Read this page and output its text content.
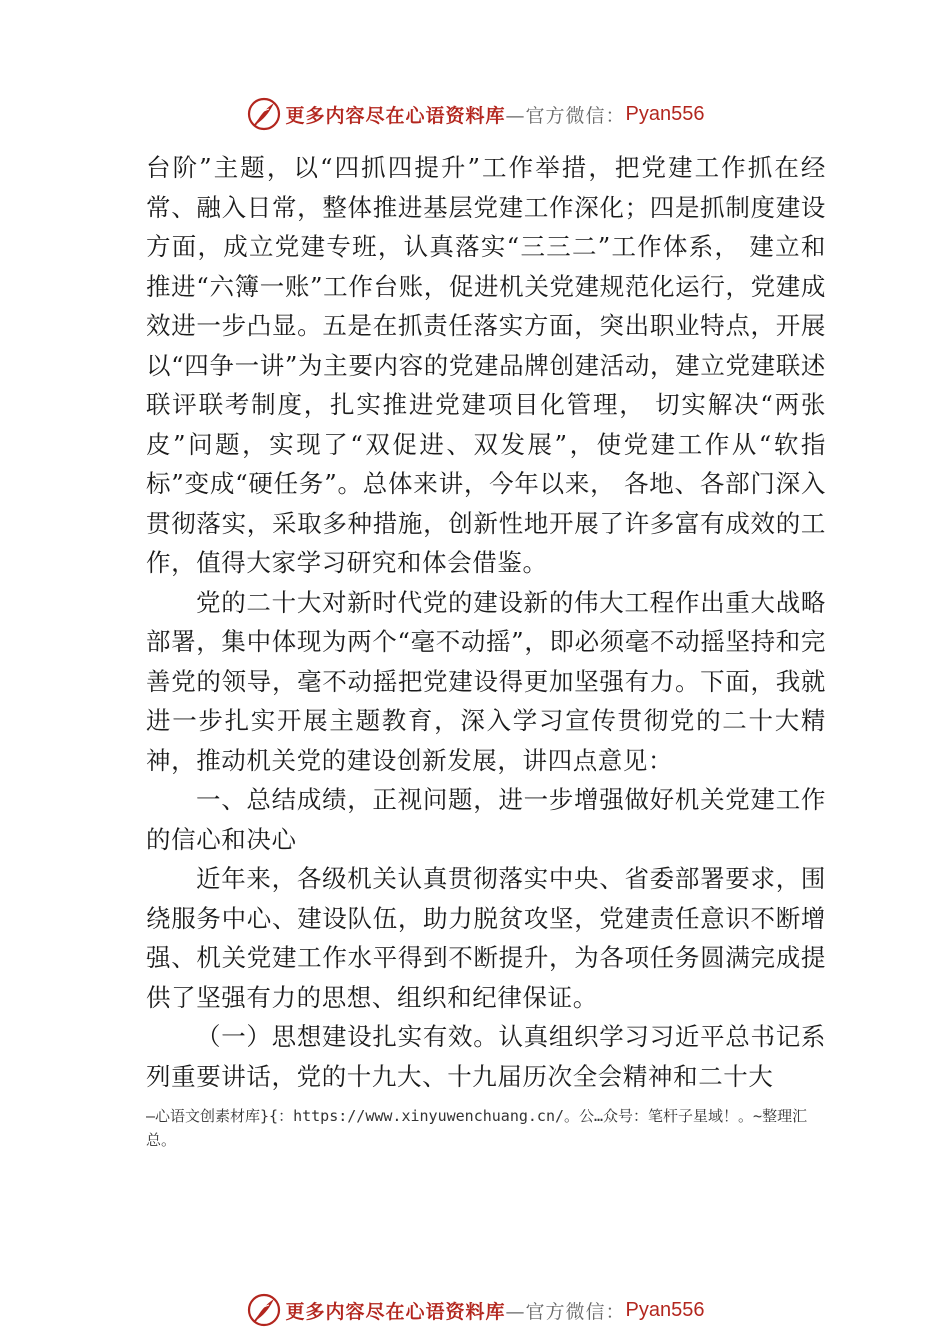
更多内容尽在心语资料库 —官方微信： Pyan556

台阶”主题，以“四抓四提升”工作举措，把党建工作抓在经常、融入日常，整体推进基层党建工作深化；四是抓制度建设方面，成立党建专班，认真落实“三三二”工作体系， 建立和推进“六簿一账”工作台账，促进机关党建规范化运行，党建成效进一步凸显。五是在抓责任落实方面，突出职业特点，开展以“四争一讲”为主要内容的党建品牌创建活动，建立党建联述联评联考制度，扎实推进党建项目化管理， 切实解决“两张皮”问题，实现了“双促进、双发展”，使党建工作从“软指标”变成“硬任务”。总体来讲，今年以来， 各地、各部门深入贯彻落实，采取多种措施，创新性地开展了许多富有成效的工作，值得大家学习研究和体会借鉴。

党的二十大对新时代党的建设新的伟大工程作出重大战略部署，集中体现为两个“毫不动摇”，即必须毫不动摇坚持和完善党的领导，毫不动摇把党建设得更加坚强有力。下面，我就进一步扎实开展主题教育，深入学习宣传贯彻党的二十大精神，推动机关党的建设创新发展，讲四点意见：

一、总结成绩，正视问题，进一步增强做好机关党建工作的信心和决心

近年来，各级机关认真贯彻落实中央、省委部署要求，围绕服务中心、建设队伍，助力脱贫攻坚，党建责任意识不断增强、机关党建工作水平得到不断提升，为各项任务圆满完成提供了坚强有力的思想、组织和纪律保证。

（一）思想建设扎实有效。认真组织学习习近平总书记系列重要讲话，党的十九大、十九届历次全会精神和二十大

—心语文创素材库}{：https://www.xinyuwenchuang.cn/。公…众号：笔杆子星域！。~整理汇总。
更多内容尽在心语资料库 —官方微信： Pyan556
